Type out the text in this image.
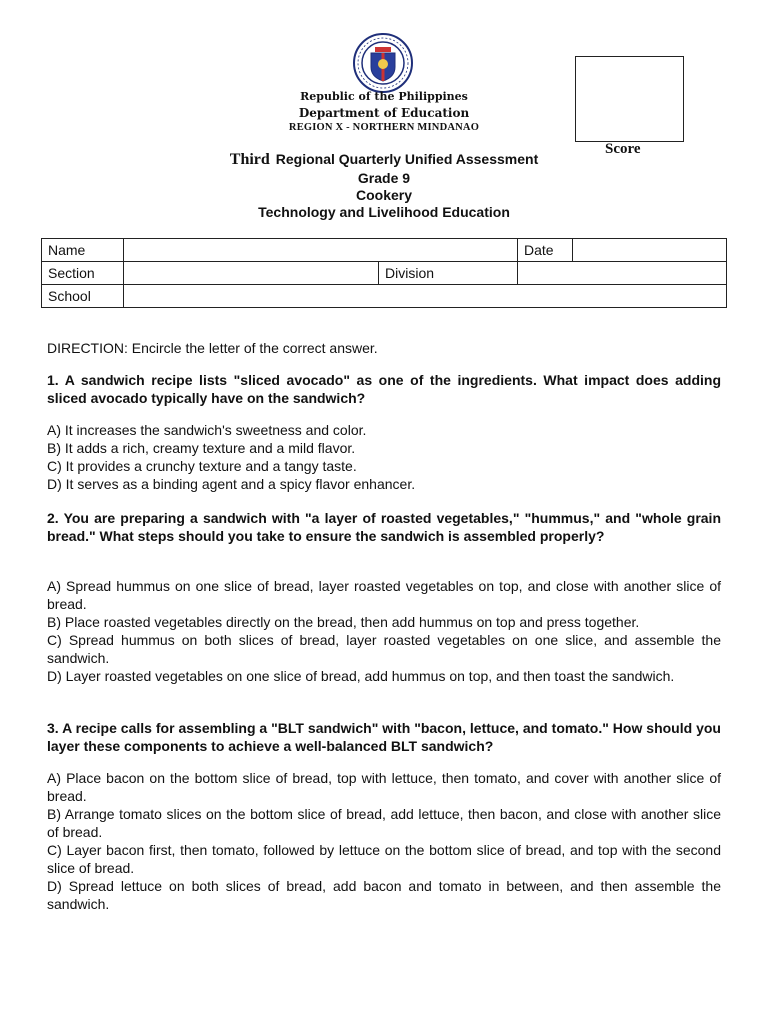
Republic of the Philippines
Department of Education
REGION X - NORTHERN MINDANAO
Score
Third Regional Quarterly Unified Assessment
Grade 9
Cookery
Technology and Livelihood Education
Name			Date

Section		Division	
School			
DIRECTION: Encircle the letter of the correct answer.
1. A sandwich recipe lists "sliced avocado" as one of the ingredients. What impact does adding sliced avocado typically have on the sandwich?

A) It increases the sandwich's sweetness and color.

B) It adds a rich, creamy texture and a mild flavor.

C) It provides a crunchy texture and a tangy taste.

D) It serves as a binding agent and a spicy flavor enhancer.

2. You are preparing a sandwich with "a layer of roasted vegetables," "hummus," and "whole grain bread." What steps should you take to ensure the sandwich is assembled properly?

A) Spread hummus on one slice of bread, layer roasted vegetables on top, and close with another slice of bread.

B) Place roasted vegetables directly on the bread, then add hummus on top and press together.

C) Spread hummus on both slices of bread, layer roasted vegetables on one slice, and assemble the sandwich.

D) Layer roasted vegetables on one slice of bread, add hummus on top, and then toast the sandwich.

3. A recipe calls for assembling a "BLT sandwich" with "bacon, lettuce, and tomato." How should you layer these components to achieve a well-balanced BLT sandwich?

A) Place bacon on the bottom slice of bread, top with lettuce, then tomato, and cover with another slice of bread.

B) Arrange tomato slices on the bottom slice of bread, add lettuce, then bacon, and close with another slice of bread.

C) Layer bacon first, then tomato, followed by lettuce on the bottom slice of bread, and top with the second slice of bread.

D) Spread lettuce on both slices of bread, add bacon and tomato in between, and then assemble the sandwich.
